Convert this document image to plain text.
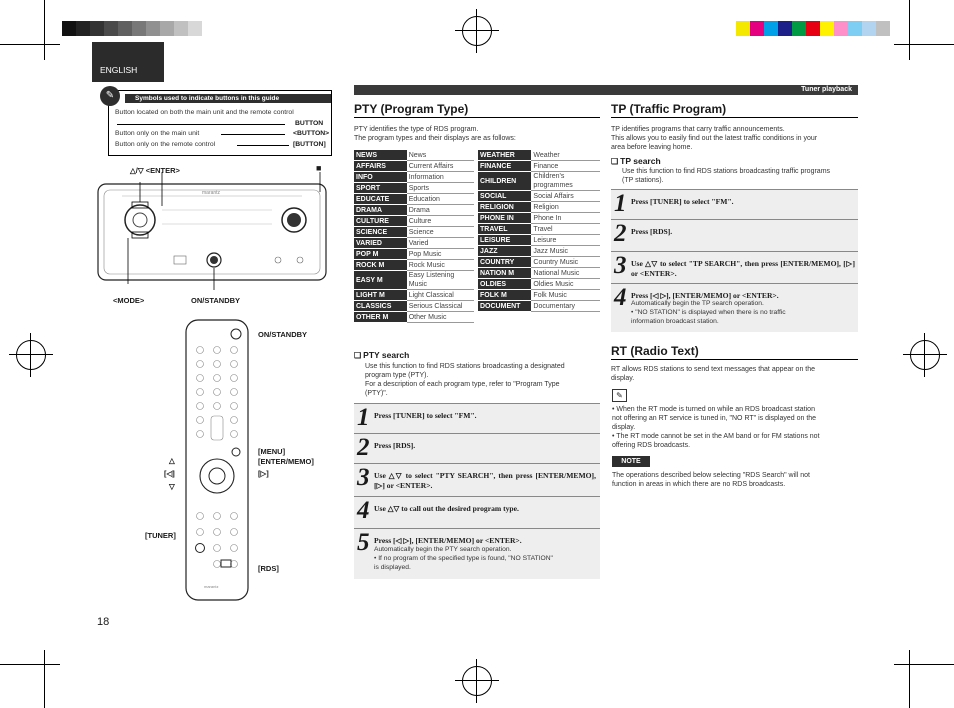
ENGLISH
Tuner playback
✎	Symbols used to indicate buttons in this guide
Button located on both the main unit and the remote control
BUTTON
Button only on the main unit	<BUTTON>
Button only on the remote control	[BUTTON]
△/▽ <ENTER>	■
marantz
<MODE>	ON/STANDBY
marantz
ON/STANDBY
[MENU]
[ENTER/MEMO]
△
[◁]	[▷]
▽
[TUNER]
[RDS]
PTY (Program Type)
PTY identifies the type of RDS program.
The program types and their displays are as follows:
NEWS	News
AFFAIRS	Current Affairs
INFO	Information
SPORT	Sports
EDUCATE	Education
DRAMA	Drama
CULTURE	Culture
SCIENCE	Science
VARIED	Varied
POP M	Pop Music
ROCK M	Rock Music
EASY M	Easy Listening Music
LIGHT M	Light Classical
CLASSICS	Serious Classical
OTHER M	Other Music
WEATHER	Weather
FINANCE	Finance
CHILDREN	Children's programmes
SOCIAL	Social Affairs
RELIGION	Religion
PHONE IN	Phone In
TRAVEL	Travel
LEISURE	Leisure
JAZZ	Jazz Music
COUNTRY	Country Music
NATION M	National Music
OLDIES	Oldies Music
FOLK M	Folk Music
DOCUMENT	Documentary
❏ PTY search
Use this function to find RDS stations broadcasting a designated
program type (PTY).
For a description of each program type, refer to "Program Type
(PTY)".
1 Press [TUNER] to select "FM".
2 Press [RDS].
3 Use △▽ to select "PTY SEARCH", then press [ENTER/MEMO], [▷] or <ENTER>.
4 Use △▽ to call out the desired program type.
5 Press [◁ ▷], [ENTER/MEMO] or <ENTER>.
Automatically begin the PTY search operation.
• If no program of the specified type is found, "NO STATION"
is displayed.
TP (Traffic Program)
TP identifies programs that carry traffic announcements.
This allows you to easily find out the latest traffic conditions in your
area before leaving home.
❏ TP search
Use this function to find RDS stations broadcasting traffic programs
(TP stations).
1 Press [TUNER] to select "FM".
2 Press [RDS].
3 Use △▽ to select "TP SEARCH", then press [ENTER/MEMO], [▷] or <ENTER>.
4 Press [◁ ▷], [ENTER/MEMO] or <ENTER>.
Automatically begin the TP search operation.
• "NO STATION" is displayed when there is no traffic
information broadcast station.
RT (Radio Text)
RT allows RDS stations to send text messages that appear on the
display.
✎
• When the RT mode is turned on while an RDS broadcast station
not offering an RT service is tuned in, "NO RT" is displayed on the
display.
• The RT mode cannot be set in the AM band or for FM stations not
offering RDS broadcasts.
NOTE
The operations described below selecting "RDS Search" will not
function in areas in which there are no RDS broadcasts.
18
